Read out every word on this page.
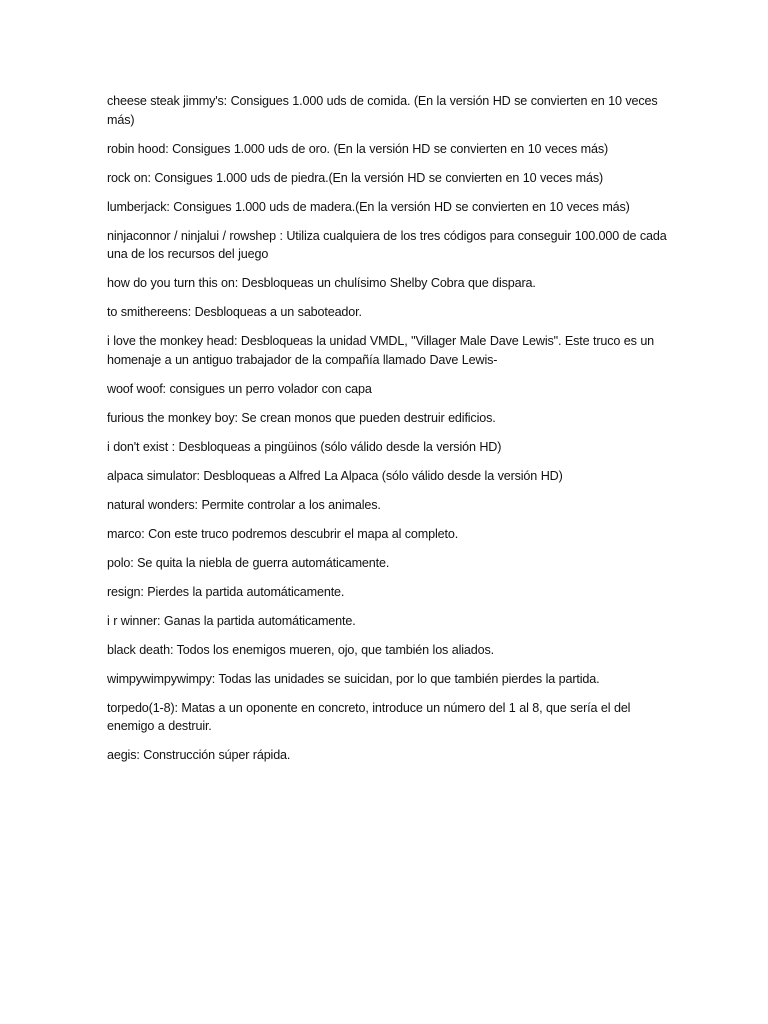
cheese steak jimmy's: Consigues 1.000 uds de comida. (En la versión HD se convierten en 10 veces más)

robin hood: Consigues 1.000 uds de oro. (En la versión HD se convierten en 10 veces más)

rock on: Consigues 1.000 uds de piedra.(En la versión HD se convierten en 10 veces más)

lumberjack: Consigues 1.000 uds de madera.(En la versión HD se convierten en 10 veces más)

ninjaconnor / ninjalui / rowshep : Utiliza cualquiera de los tres códigos para conseguir 100.000 de cada una de los recursos del juego

how do you turn this on: Desbloqueas un chulísimo Shelby Cobra que dispara.

to smithereens: Desbloqueas a un saboteador.

i love the monkey head: Desbloqueas la unidad VMDL, "Villager Male Dave Lewis". Este truco es un homenaje a un antiguo trabajador de la compañía llamado Dave Lewis-

woof woof: consigues un perro volador con capa

furious the monkey boy: Se crean monos que pueden destruir edificios.

i don't exist : Desbloqueas a pingüinos (sólo válido desde la versión HD)

alpaca simulator: Desbloqueas a Alfred La Alpaca (sólo válido desde la versión HD)

natural wonders: Permite controlar a los animales.

marco: Con este truco podremos descubrir el mapa al completo.

polo: Se quita la niebla de guerra automáticamente.

resign: Pierdes la partida automáticamente.

i r winner: Ganas la partida automáticamente.

black death: Todos los enemigos mueren, ojo, que también los aliados.

wimpywimpywimpy: Todas las unidades se suicidan, por lo que también pierdes la partida.

torpedo(1-8): Matas a un oponente en concreto, introduce un número del 1 al 8, que sería el del enemigo a destruir.

aegis: Construcción súper rápida.
